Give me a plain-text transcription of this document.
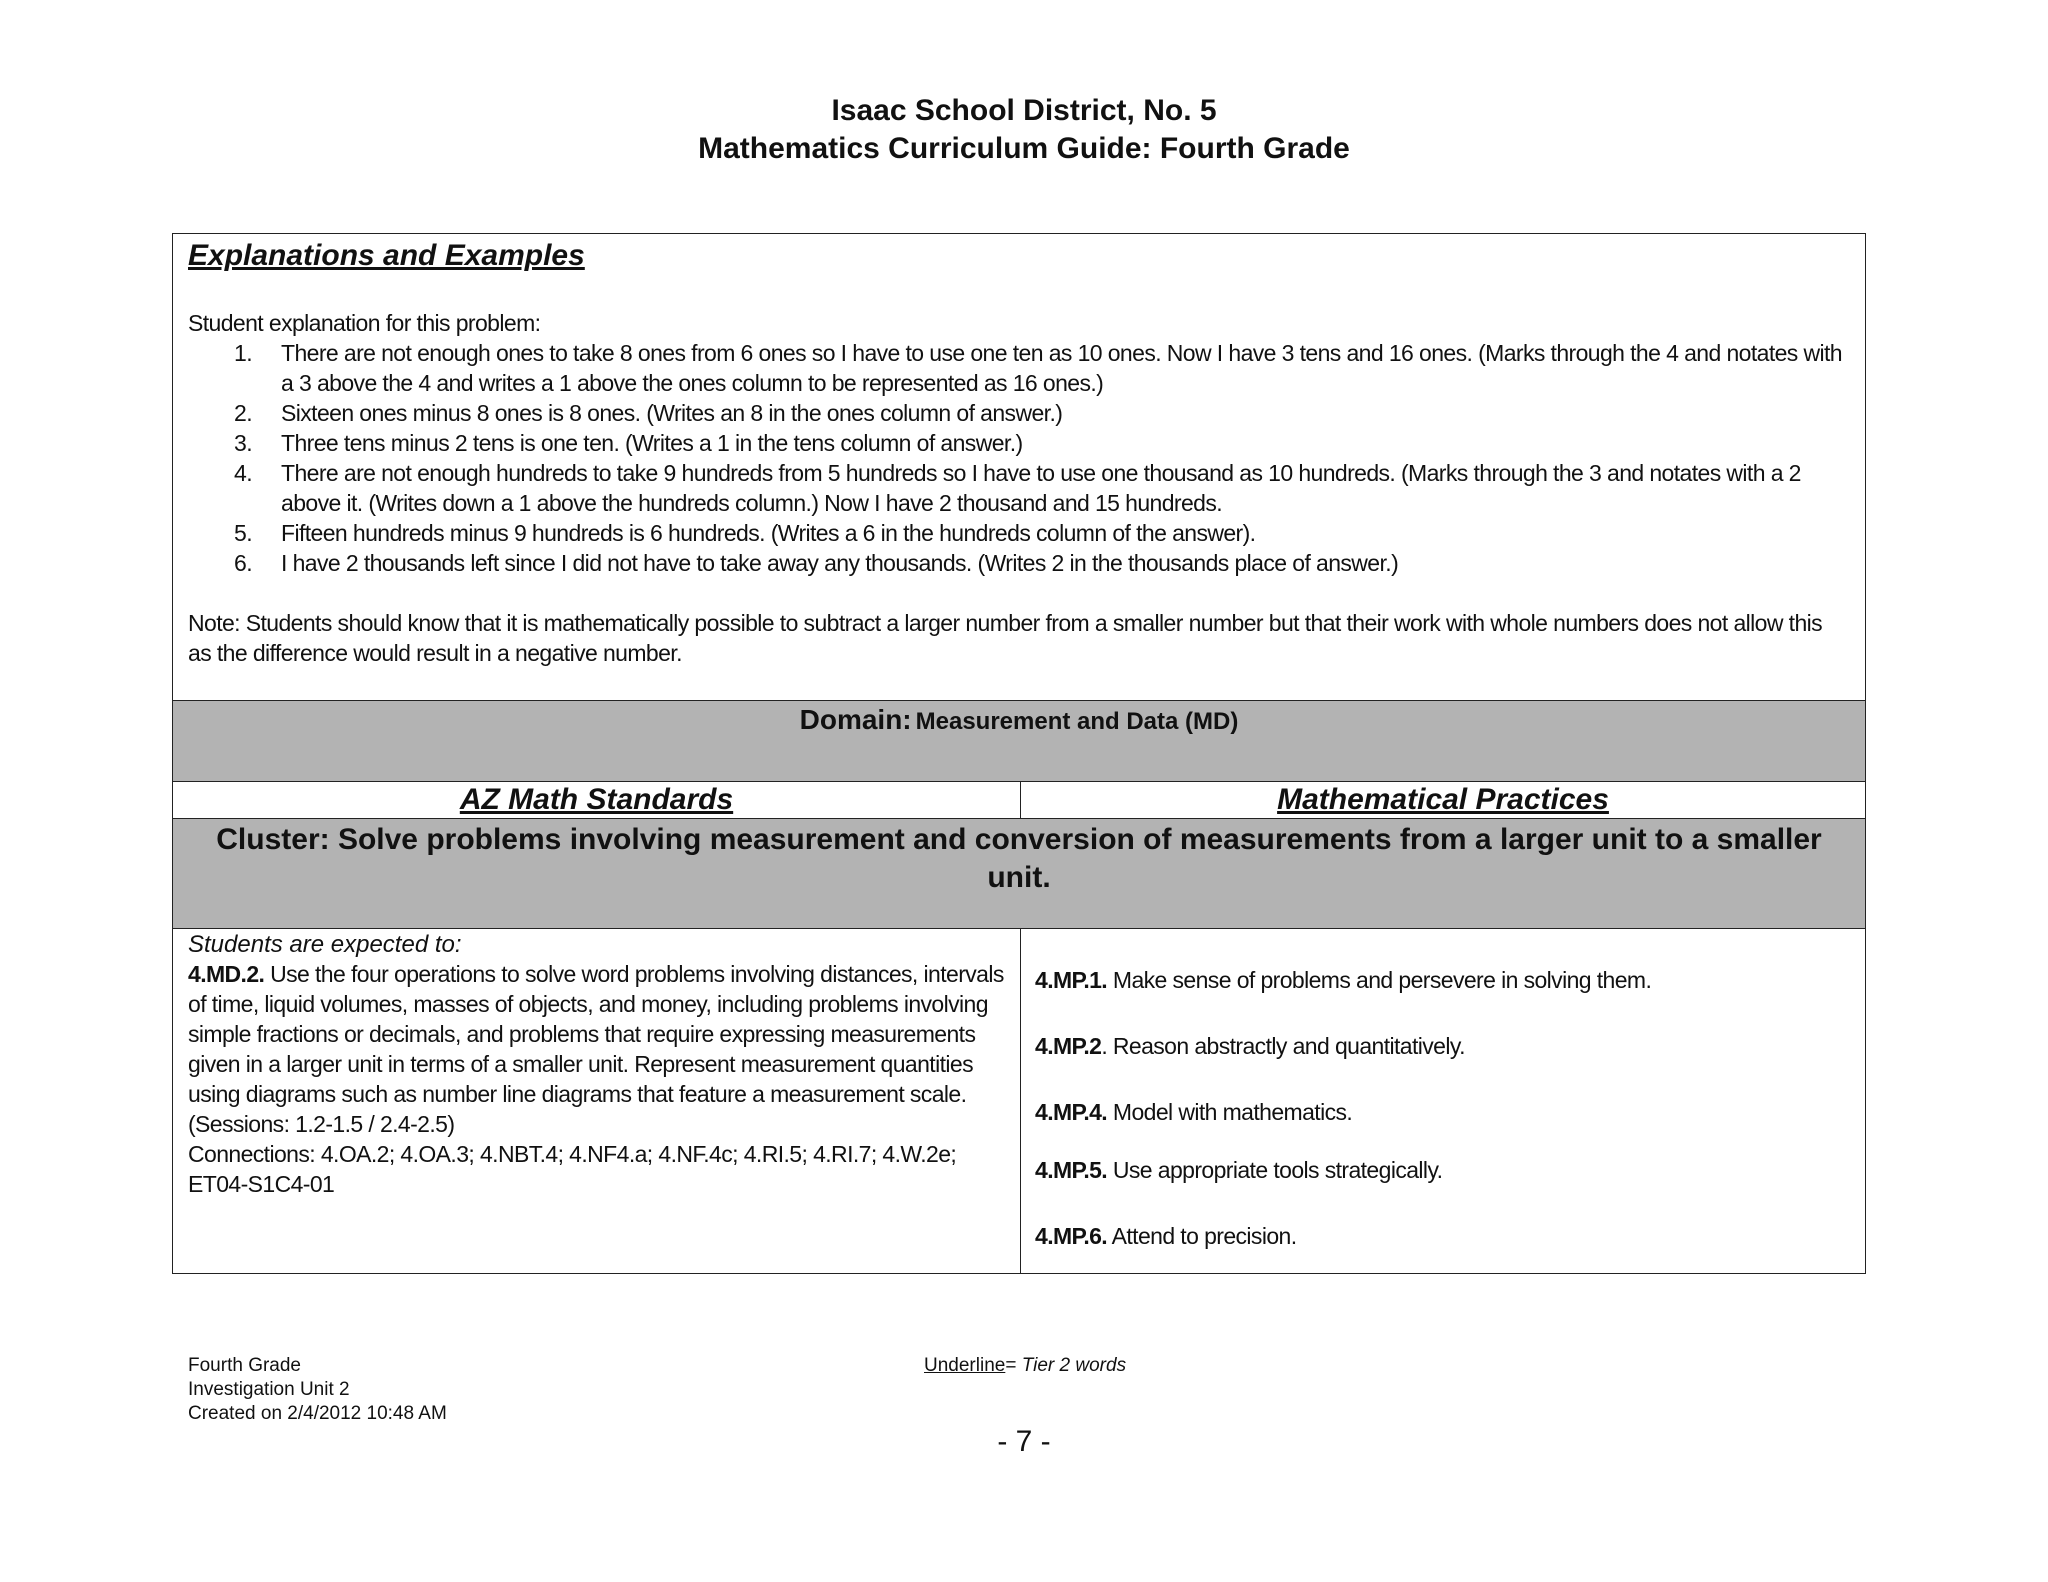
Isaac School District, No. 5
Mathematics Curriculum Guide: Fourth Grade
Explanations and Examples
Student explanation for this problem:
There are not enough ones to take 8 ones from 6 ones so I have to use one ten as 10 ones. Now I have 3 tens and 16 ones. (Marks through the 4 and notates with a 3 above the 4 and writes a 1 above the ones column to be represented as 16 ones.)
Sixteen ones minus 8 ones is 8 ones. (Writes an 8 in the ones column of answer.)
Three tens minus 2 tens is one ten. (Writes a 1 in the tens column of answer.)
There are not enough hundreds to take 9 hundreds from 5 hundreds so I have to use one thousand as 10 hundreds. (Marks through the 3 and notates with a 2 above it. (Writes down a 1 above the hundreds column.) Now I have 2 thousand and 15 hundreds.
Fifteen hundreds minus 9 hundreds is 6 hundreds. (Writes a 6 in the hundreds column of the answer).
I have 2 thousands left since I did not have to take away any thousands. (Writes 2 in the thousands place of answer.)
Note: Students should know that it is mathematically possible to subtract a larger number from a smaller number but that their work with whole numbers does not allow this as the difference would result in a negative number.
Domain: Measurement and Data (MD)
AZ Math Standards	Mathematical Practices
Cluster: Solve problems involving measurement and conversion of measurements from a larger unit to a smaller unit.
Students are expected to:
4.MD.2. Use the four operations to solve word problems involving distances, intervals of time, liquid volumes, masses of objects, and money, including problems involving simple fractions or decimals, and problems that require expressing measurements given in a larger unit in terms of a smaller unit. Represent measurement quantities using diagrams such as number line diagrams that feature a measurement scale.
(Sessions: 1.2-1.5 / 2.4-2.5)
Connections: 4.OA.2; 4.OA.3; 4.NBT.4; 4.NF4.a; 4.NF.4c; 4.RI.5; 4.RI.7; 4.W.2e; ET04-S1C4-01
4.MP.1. Make sense of problems and persevere in solving them.
4.MP.2. Reason abstractly and quantitatively.
4.MP.4. Model with mathematics.
4.MP.5. Use appropriate tools strategically.
4.MP.6. Attend to precision.
Fourth Grade
Investigation Unit 2
Created on 2/4/2012 10:48 AM
Underline= Tier 2 words
- 7 -
